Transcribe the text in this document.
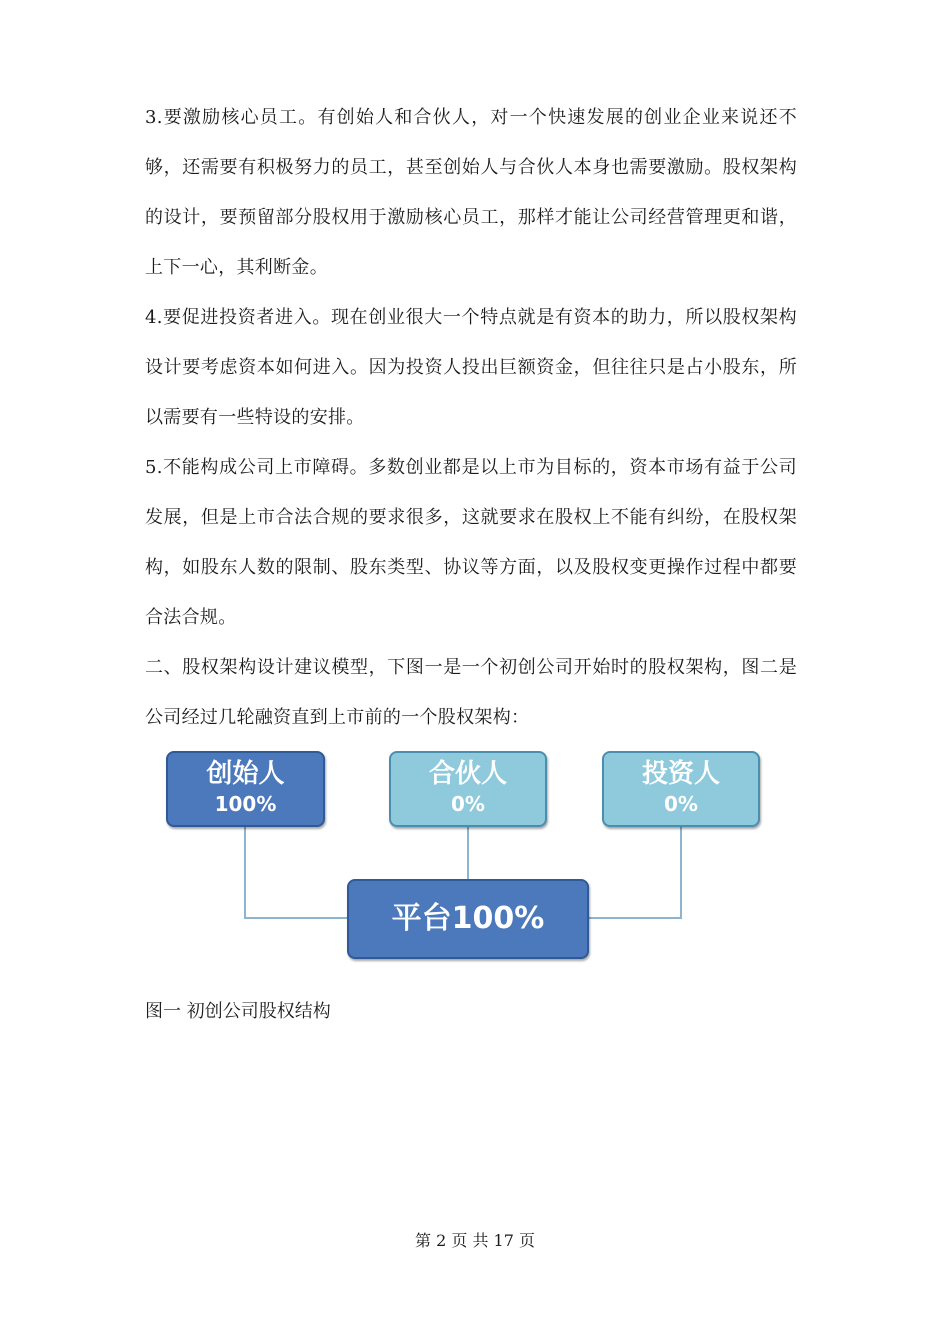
3.要激励核心员工。有创始人和合伙人，对一个快速发展的创业企业来说还不够，还需要有积极努力的员工，甚至创始人与合伙人本身也需要激励。股权架构的设计，要预留部分股权用于激励核心员工，那样才能让公司经营管理更和谐，上下一心，其利断金。

4.要促进投资者进入。现在创业很大一个特点就是有资本的助力，所以股权架构设计要考虑资本如何进入。因为投资人投出巨额资金，但往往只是占小股东，所以需要有一些特设的安排。

5.不能构成公司上市障碍。多数创业都是以上市为目标的，资本市场有益于公司发展，但是上市合法合规的要求很多，这就要求在股权上不能有纠纷，在股权架构，如股东人数的限制、股东类型、协议等方面，以及股权变更操作过程中都要合法合规。

二、股权架构设计建议模型，下图一是一个初创公司开始时的股权架构，图二是公司经过几轮融资直到上市前的一个股权架构：

创始人
100%
合伙人
0%
投资人
0%
平台100%
图一 初创公司股权结构
第 2 页 共 17 页
